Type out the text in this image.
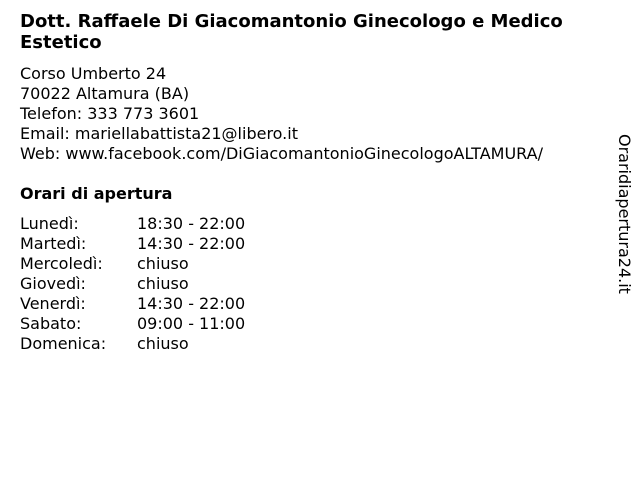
Dott. Raffaele Di Giacomantonio Ginecologo e Medico Estetico
Corso Umberto 24
70022 Altamura (BA)
Telefon: 333 773 3601
Email: mariellabattista21@libero.it
Web: www.facebook.com/DiGiacomantonioGinecologoALTAMURA/
Orari di apertura
Lunedì:	18:30 - 22:00
Martedì:	14:30 - 22:00
Mercoledì: chiuso
Giovedì:	chiuso
Venerdì:	14:30 - 22:00
Sabato:	09:00 - 11:00
Domenica: chiuso
Oraridiapertura24.it
